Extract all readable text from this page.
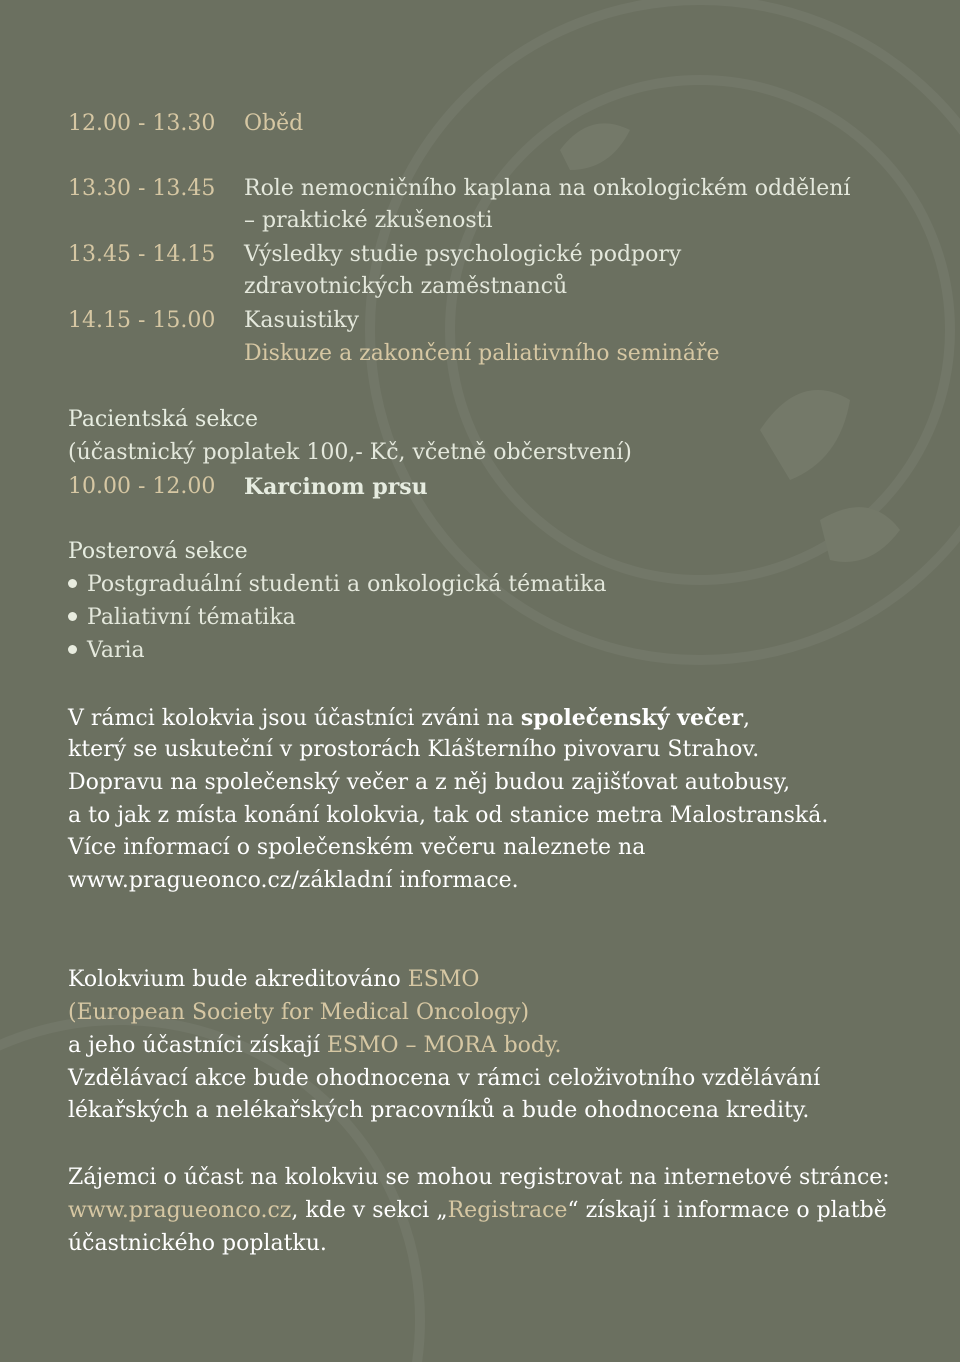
12.00 - 13.30 Oběd
13.30 - 13.45 Role nemocničního kaplana na onkologickém oddělení
– praktické zkušenosti
13.45 - 14.15 Výsledky studie psychologické podpory
zdravotnických zaměstnanců
14.15 - 15.00 Kasuistiky
Diskuze a zakončení paliativního semináře
Pacientská sekce
(účastnický poplatek 100,- Kč, včetně občerstvení)
10.00 - 12.00 Karcinom prsu
Posterová sekce
Postgraduální studenti a onkologická tématika
Paliativní tématika
Varia
V rámci kolokvia jsou účastníci zváni na společenský večer,
který se uskuteční v prostorách Klášterního pivovaru Strahov.
Dopravu na společenský večer a z něj budou zajišťovat autobusy,
a to jak z místa konání kolokvia, tak od stanice metra Malostranská.
Více informací o společenském večeru naleznete na
www.pragueonco.cz/základní informace.
Kolokvium bude akreditováno ESMO
(European Society for Medical Oncology)
a jeho účastníci získají ESMO – MORA body.
Vzdělávací akce bude ohodnocena v rámci celoživotního vzdělávání
lékařských a nelékařských pracovníků a bude ohodnocena kredity.
Zájemci o účast na kolokviu se mohou registrovat na internetové stránce:
www.pragueonco.cz, kde v sekci „Registrace“ získají i informace o platbě
účastnického poplatku.
